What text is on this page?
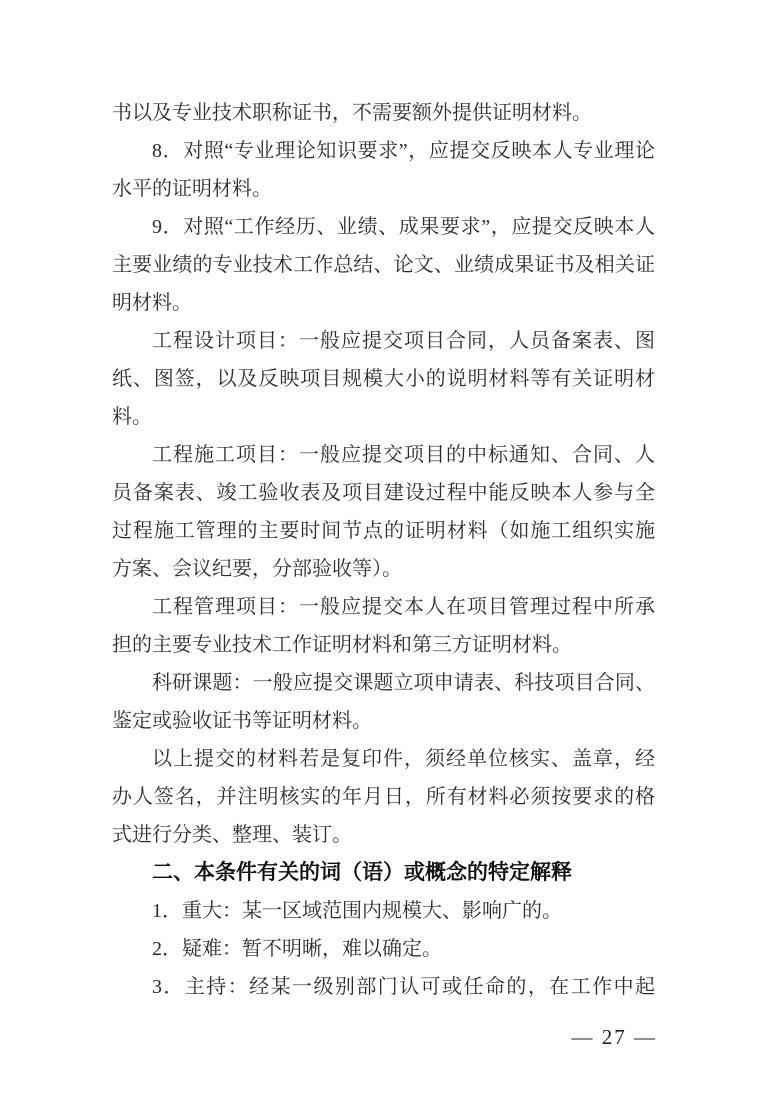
书以及专业技术职称证书，不需要额外提供证明材料。
8．对照“专业理论知识要求”，应提交反映本人专业理论
水平的证明材料。
9．对照“工作经历、业绩、成果要求”，应提交反映本人
主要业绩的专业技术工作总结、论文、业绩成果证书及相关证
明材料。
工程设计项目：一般应提交项目合同，人员备案表、图
纸、图签，以及反映项目规模大小的说明材料等有关证明材
料。
工程施工项目：一般应提交项目的中标通知、合同、人
员备案表、竣工验收表及项目建设过程中能反映本人参与全
过程施工管理的主要时间节点的证明材料（如施工组织实施
方案、会议纪要，分部验收等）。
工程管理项目：一般应提交本人在项目管理过程中所承
担的主要专业技术工作证明材料和第三方证明材料。
科研课题：一般应提交课题立项申请表、科技项目合同、
鉴定或验收证书等证明材料。
以上提交的材料若是复印件，须经单位核实、盖章，经
办人签名，并注明核实的年月日，所有材料必须按要求的格
式进行分类、整理、装订。
二、本条件有关的词（语）或概念的特定解释
1．重大：某一区域范围内规模大、影响广的。
2．疑难：暂不明晰，难以确定。
3．主持：经某一级别部门认可或任命的，在工作中起
— 27 —
